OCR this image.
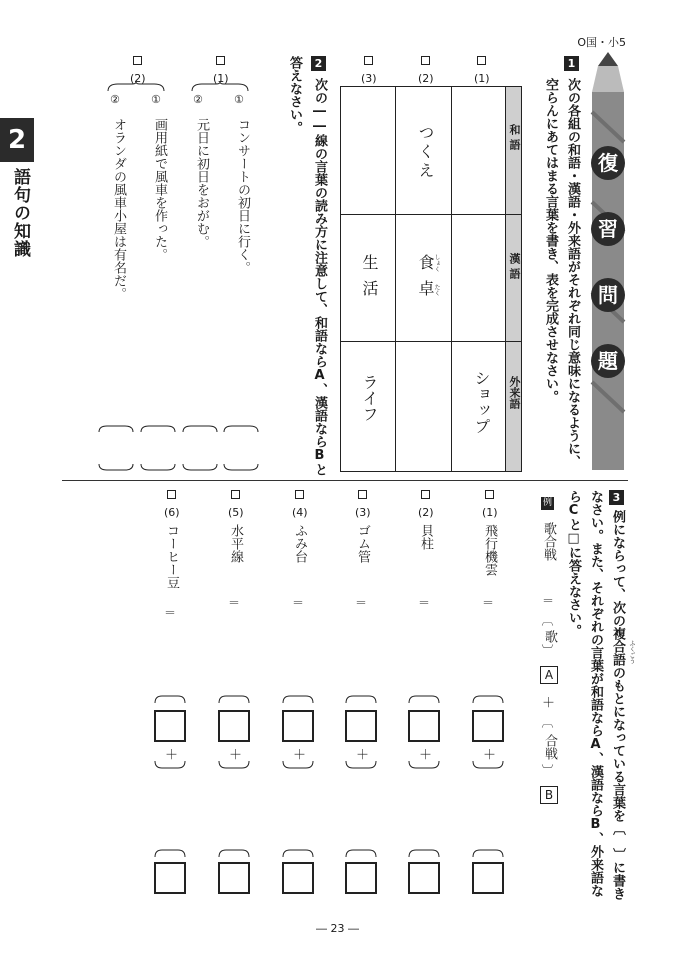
O国・小5
2
語句の知識
復
習
問
題
1
次の各組の和語・漢語・外来語がそれぞれ同じ意味になるように、
空らんにあてはまる言葉を書き、表を完成させなさい。
(1)
(2)
(3)
和語
漢語
外来語
ショップ
つくえ
食卓
しょく
たく
生活
ライフ
2
次の――線の言葉の読み方に注意して、和語ならA、漢語ならBと
答えなさい。
(1)
①
②
コンサートの初日に行く。
元日に初日をおがむ。
(2)
①
②
画用紙で風車を作った。
オランダの風車小屋は有名だ。
3
例にならって、次の複合語のもとになっている言葉を〔　〕に書き ふくごう
なさい。また、それぞれの言葉が和語ならA、漢語ならB、外来語な
らCと□に答えなさい。
例
歌合戦
＝
〔
歌
〕
A
＋
〔
合戦
〕
B
(1)
飛行機雲
＝
＋
(2)
貝柱
＝
＋
(3)
ゴム管
＝
＋
(4)
ふみ台
＝
＋
(5)
水平線
＝
＋
(6)
コーヒー豆
＝
＋
― 23 ―
